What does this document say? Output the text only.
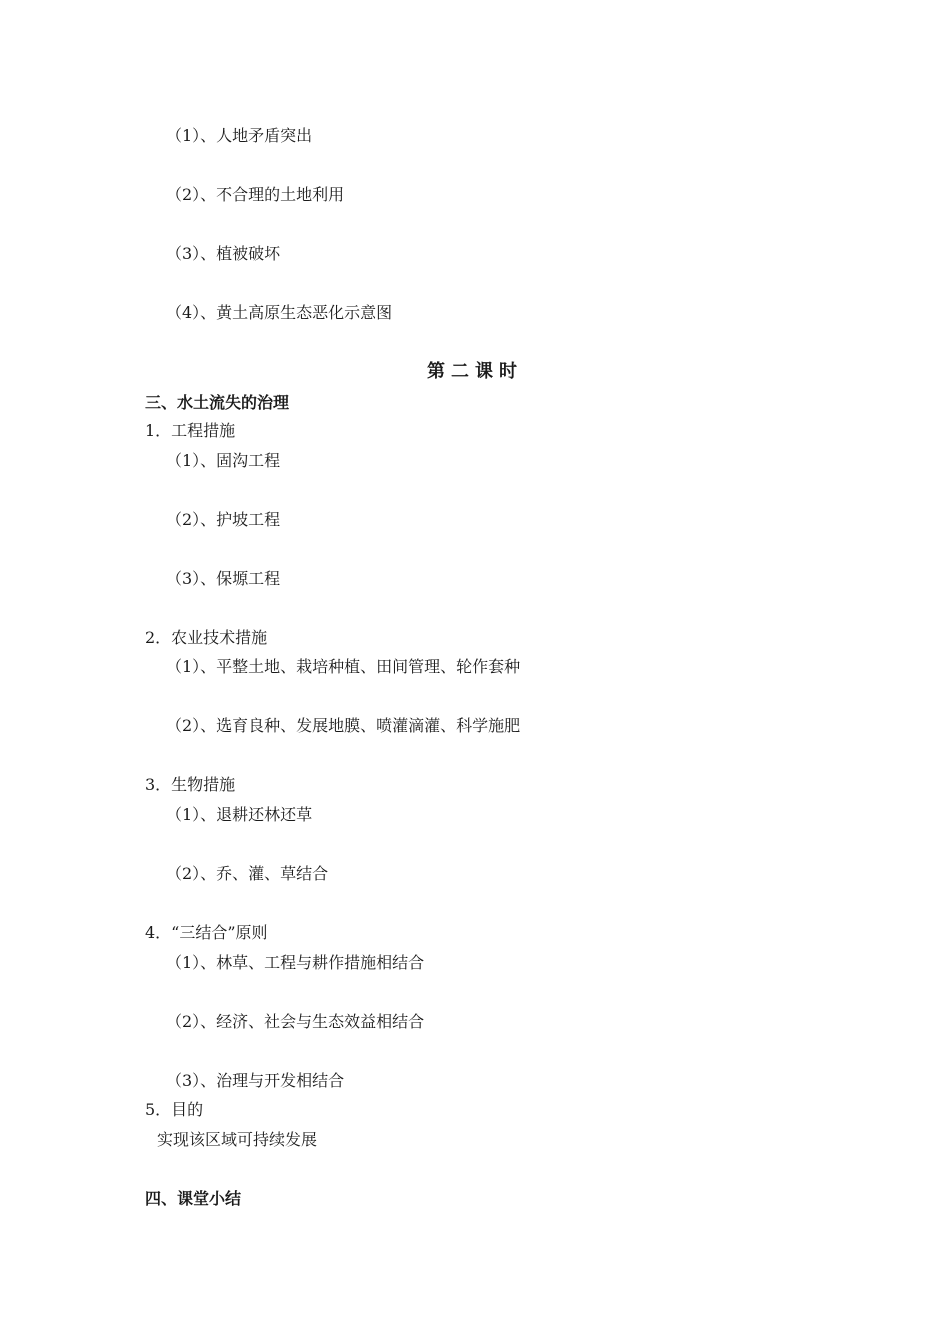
（1）、人地矛盾突出
（2）、不合理的土地利用
（3）、植被破坏
（4）、黄土高原生态恶化示意图
第二课时
三、水土流失的治理
1．工程措施
（1）、固沟工程
（2）、护坡工程
（3）、保塬工程
2．农业技术措施
（1）、平整土地、栽培种植、田间管理、轮作套种
（2）、选育良种、发展地膜、喷灌滴灌、科学施肥
3．生物措施
（1）、退耕还林还草
（2）、乔、灌、草结合
4．“三结合”原则
（1）、林草、工程与耕作措施相结合
（2）、经济、社会与生态效益相结合
（3）、治理与开发相结合
5．目的
实现该区域可持续发展
四、课堂小结
